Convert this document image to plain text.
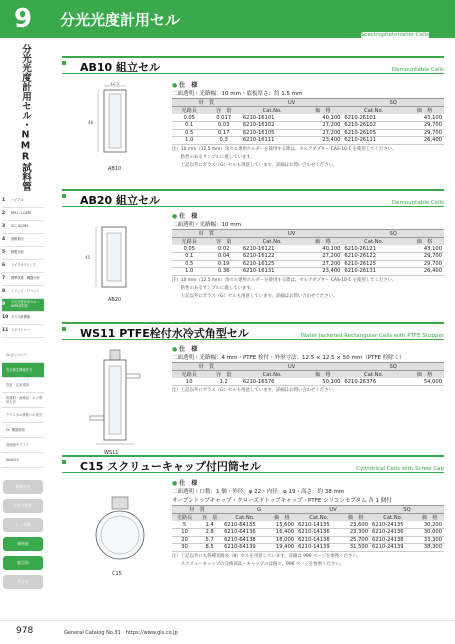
9
分光光度計用セル・NMR試料管
1	バイアル
2	HPLC, LC/MS
3	GC, GC/MS
4	固相抽出
5	精製分取
6	ライフサイエンス
7	標準試薬・機器分析
8	シリンジ・ピペット
9	分光光度計用セル・NMR試料管
10 ガス分析関係
11 ラボラトリー
GL社について
安全衛生関係法令
変更・注意事項
知識財・画像品・ロゴ利用方法
テクニカル情報への索引
Dr. 機器価格
高価格サプライ
INNDEX
標準品名
社名で探す
五十音順
価格表
総目次
問合せ
分光光度計用セル
Spectrophotometer Cells
AB10 組立セル	Demountable Cells
48
12.5
AB10
● 仕　様
二面透明・光路幅：10 mm・底板厚さ：約 1.5 mm
材　質		UV		SQ	
光路長	容　量	Cat.No.	価　格	Cat.No.	価　格
0.05	0.017	6210-16101	40,100	6210-26101	43,100
0.1	0.03	6210-16102	27,200	6210-26102	29,700
0.5	0.17	6210-16105	27,200	6210-26105	29,700
1.0	0.3	6210-16111	23,400	6210-26111	26,400
注）10 mm（12.5 mm）角セル専用ホルダーを使用する際は、セルアダプター CAS-10-1 を使用してください。
　　粘性のあるサンプルに適しています。
　　上記以外にガラス（G）セルも用意しています。詳細はお問い合わせください。
AB20 組立セル	Demountable Cells
45
AB20
● 仕　様
二面透明・光路幅：10 mm
材　質		UV		SQ	
光路長	容　量	Cat.No.	価　格	Cat.No.	価　格
0.05	0.02	6210-16121	40,100	6210-26121	43,100
0.1	0.04	6210-16122	27,200	6210-26122	29,700
0.5	0.19	6210-16125	27,200	6210-26125	29,700
1.0	0.36	6210-16131	23,400	6210-26131	26,400
注）10 mm（12.5 mm）角セル専用ホルダーを使用する際は、セルアダプター CAS-10-1 を使用してください。
　　粘性のあるサンプルに適しています。
　　上記以外にガラス（G）セルも用意しています。詳細はお問い合わせください。
WS11 PTFE栓付水冷式角型セル	Water Jacketed Rectangular Cells with PTFE Stopper
WS11
● 仕　様
二面透明・光路幅：4 mm・PTFE 栓付・外形寸法：12.5 × 12.5 × 50 mm（PTFE 栓除く）
材　質		UV		SQ	
光路長	容　量	Cat.No.	価　格	Cat.No.	価　格
10	1.2	6210-16376	50,100	6210-26376	54,000
注）上記以外にガラス（G）セルも用意しています。詳細はお問い合わせください。
C15 スクリューキャップ付円筒セル	Cylindrical Cells with Screw Cap
C15
● 仕　様
二面透明・口数：1 個・外径：φ 22・内径：φ 19・高さ：約 38 mm
オープントップキャップ・クローズドトップキャップ・PTFE シリコンセプタム 各 1 個付
材　質		G		UV		SQ	
光路長	容　量	Cat.No.	価　格	Cat.No.	価　格	Cat.No.	価　格
5	1.4	6210-64135	15,600	6210-14135	23,600	6210-24135	30,200
10	2.8	6210-64136	16,400	6210-14136	23,300	6210-24136	30,000
20	5.7	6210-64138	18,000	6210-14138	25,700	6210-24138	33,300
30	8.5	6210-64139	19,400	6210-14139	31,500	6210-24139	38,300
注）上記以外にも各種光路長（8）セルを用意しています。詳細は 990 ページを参照ください。
　　スクリューキャップの交換部品・キャップのは個々、996 ページを参照ください。
978	General Catalog No.31　https://www.gls.co.jp
